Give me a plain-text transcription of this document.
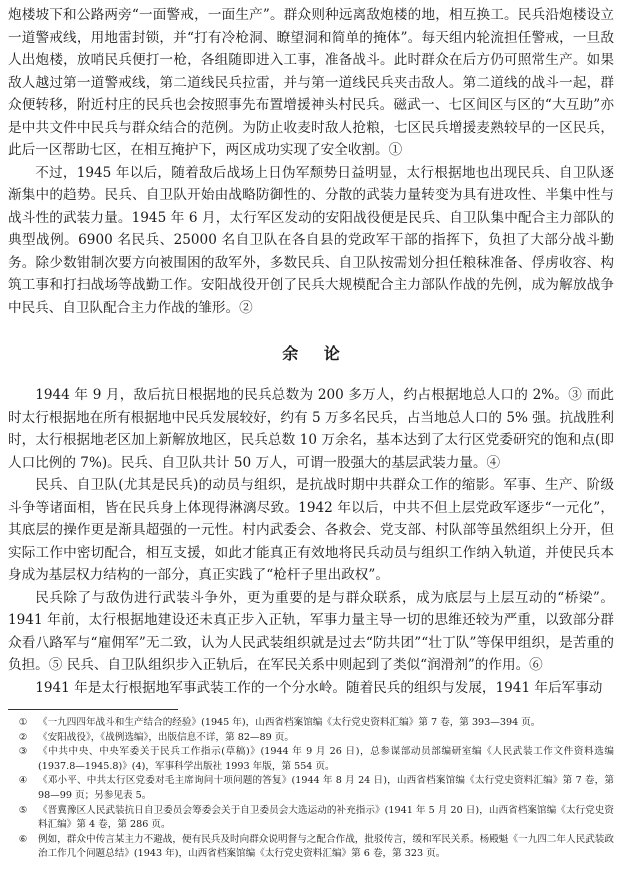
炮楼坡下和公路两旁“一面警戒，一面生产”。群众则种远离敌炮楼的地，相互换工。民兵沿炮楼设立一道警戒线，用地雷封锁，并“打有冷枪洞、瞭望洞和简单的掩体”。每天组内轮流担任警戒，一旦敌人出炮楼，放哨民兵便打一枪，各组随即进入工事，准备战斗。此时群众在后方仍可照常生产。如果敌人越过第一道警戒线，第二道线民兵拉雷，并与第一道线民兵夹击敌人。第二道线的战斗一起，群众便转移，附近村庄的民兵也会按照事先布置增援神头村民兵。磁武一、七区间区与区的“大互助”亦是中共文件中民兵与群众结合的范例。为防止收麦时敌人抢粮，七区民兵增援麦熟较早的一区民兵，此后一区帮助七区，在相互掩护下，两区成功实现了安全收割。①

不过，1945 年以后，随着敌后战场上日伪军颓势日益明显，太行根据地也出现民兵、自卫队逐渐集中的趋势。民兵、自卫队开始由战略防御性的、分散的武装力量转变为具有进攻性、半集中性与战斗性的武装力量。1945 年 6 月，太行军区发动的安阳战役便是民兵、自卫队集中配合主力部队的典型战例。6900 名民兵、25000 名自卫队在各自县的党政军干部的指挥下，负担了大部分战斗勤务。除少数钳制次要方向被围困的敌军外，多数民兵、自卫队按需划分担任粮秣准备、俘虏收容、构筑工事和打扫战场等战勤工作。安阳战役开创了民兵大规模配合主力部队作战的先例，成为解放战争中民兵、自卫队配合主力作战的雏形。②

余论

1944 年 9 月，敌后抗日根据地的民兵总数为 200 多万人，约占根据地总人口的 2%。③ 而此时太行根据地在所有根据地中民兵发展较好，约有 5 万多名民兵，占当地总人口的 5% 强。抗战胜利时，太行根据地老区加上新解放地区，民兵总数 10 万余名，基本达到了太行区党委研究的饱和点(即人口比例的 7%)。民兵、自卫队共计 50 万人，可谓一股强大的基层武装力量。④

民兵、自卫队(尤其是民兵)的动员与组织，是抗战时期中共群众工作的缩影。军事、生产、阶级斗争等诸面相，皆在民兵身上体现得淋漓尽致。1942 年以后，中共不但上层党政军逐步“一元化”，其底层的操作更是渐具超强的一元性。村内武委会、各救会、党支部、村队部等虽然组织上分开，但实际工作中密切配合，相互支援，如此才能真正有效地将民兵动员与组织工作纳入轨道，并使民兵本身成为基层权力结构的一部分，真正实践了“枪杆子里出政权”。

民兵除了与敌伪进行武装斗争外，更为重要的是与群众联系，成为底层与上层互动的“桥梁”。1941 年前，太行根据地建设还未真正步入正轨，军事力量主导一切的思维还较为严重，以致部分群众看八路军与“雇佣军”无二致，认为人民武装组织就是过去“防共团”“壮丁队”等保甲组织，是苦重的负担。⑤ 民兵、自卫队组织步入正轨后，在军民关系中则起到了类似“润滑剂”的作用。⑥

1941 年是太行根据地军事武装工作的一个分水岭。随着民兵的组织与发展，1941 年后军事动

①	《一九四四年战斗和生产结合的经验》(1945 年)，山西省档案馆编《太行党史资料汇编》第 7 卷，第 393—394 页。
②	《安阳战役》，《战例选编》，出版信息不详，第 82—89 页。
③	《中共中央、中央军委关于民兵工作指示(草稿)》(1944 年 9 月 26 日)，总参谋部动员部编研室编《人民武装工作文件资料选编(1937.8—1945.8)》(4)，军事科学出版社 1993 年版，第 554 页。
④	《邓小平、中共太行区党委对毛主席询问十项问题的答复》(1944 年 8 月 24 日)，山西省档案馆编《太行党史资料汇编》第 7 卷，第 98—99 页；另参见表 5。
⑤	《晋冀豫区人民武装抗日自卫委员会筹委会关于自卫委员会大选运动的补充指示》(1941 年 5 月 20 日)，山西省档案馆编《太行党史资料汇编》第 4 卷，第 286 页。
⑥	例如，群众中传言某主力不避战，便有民兵及时向群众说明督与之配合作战，批驳传言，缓和军民关系。杨殿魁《一九四二年人民武装政治工作几个问题总结》(1943 年)，山西省档案馆编《太行党史资料汇编》第 6 卷，第 323 页。
